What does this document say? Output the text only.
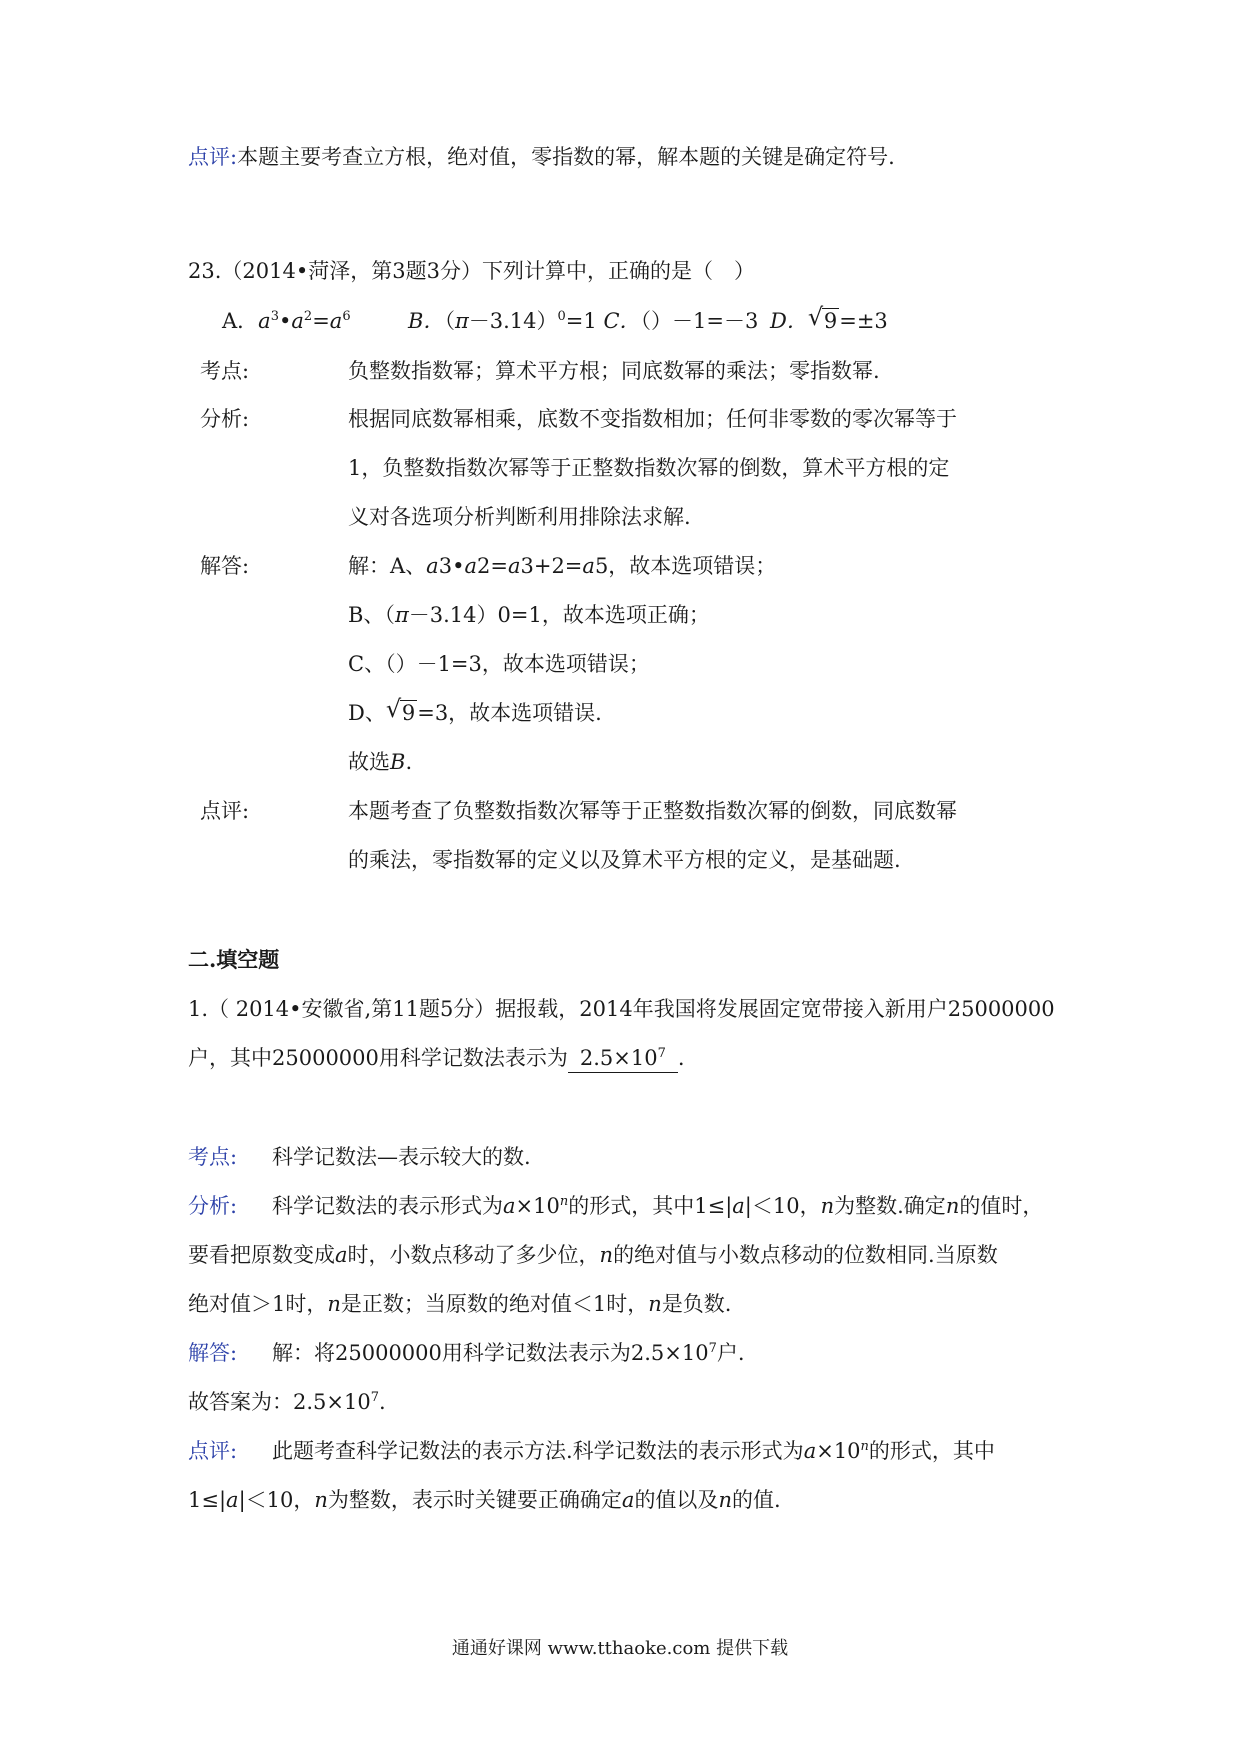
点评:本题主要考查立方根，绝对值，零指数的幂，解本题的关键是确定符号.
23.（2014•菏泽，第3题3分）下列计算中，正确的是（　）
A．$a^3•a^2=a^6$	B．$(\pi-3.14)^0=1$ C．（）－1=－3 D． √ 9=±3
考点:	负整数指数幂；算术平方根；同底数幂的乘法；零指数幂.
分析:	根据同底数幂相乘，底数不变指数相加；任何非零数的零次幂等于
1，负整数指数次幂等于正整数指数次幂的倒数，算术平方根的定
义对各选项分析判断利用排除法求解.
解答:	解：A、a3•a2=a3+2=a5，故本选项错误；
B、（π－3.14）0=1，故本选项正确；
C、（）－1=3，故本选项错误；
D、 √ 9=3，故本选项错误.
故选B.
点评:	本题考查了负整数指数次幂等于正整数指数次幂的倒数，同底数幂
的乘法，零指数幂的定义以及算术平方根的定义，是基础题.
二.填空题
1.（ 2014•安徽省,第11题5分）据报载，2014年我国将发展固定宽带接入新用户25000000
户，其中25000000用科学记数法表示为 $2.5\times 10^7$ .
考点: 科学记数法—表示较大的数.
分析: 科学记数法的表示形式为$a\times 10^n$的形式，其中1≤|a|＜10，n为整数.确定n的值时，
要看把原数变成a时，小数点移动了多少位，n的绝对值与小数点移动的位数相同.当原数
绝对值＞1时，n是正数；当原数的绝对值＜1时，n是负数.
解答: 解：将25000000用科学记数法表示为$2.5\times 10^7$户.
故答案为：$2.5\times 10^7$.
点评: 此题考查科学记数法的表示方法.科学记数法的表示形式为$a\times 10^n$的形式，其中
1≤|a|＜10，n为整数，表示时关键要正确确定a的值以及n的值.
通通好课网 www.tthaoke.com 提供下载
